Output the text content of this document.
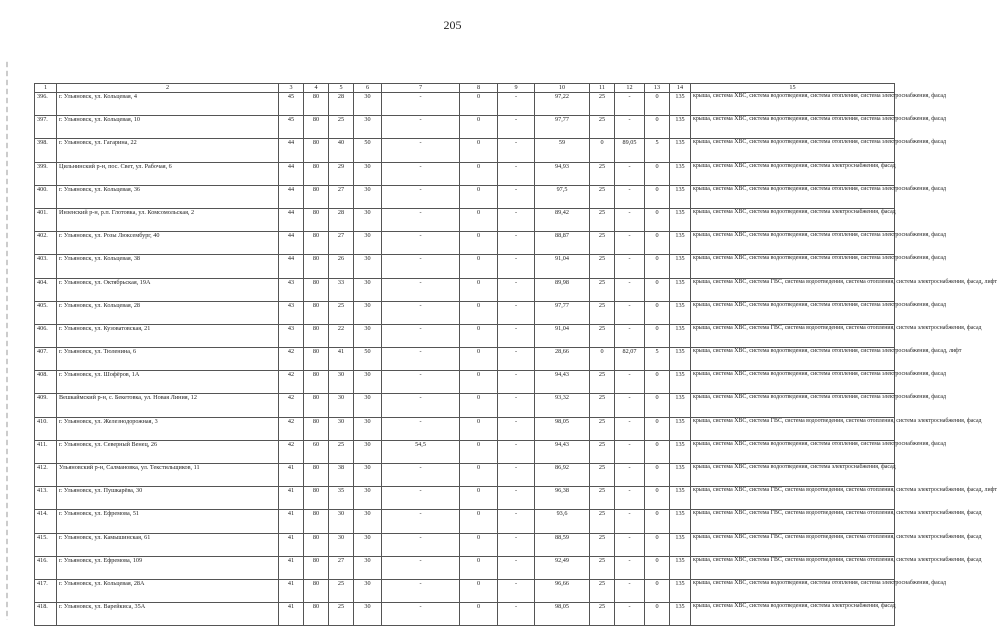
205
1	2	3	4	5	6	7	8	9	10	11	12	13	14	15
396.	г. Ульяновск, ул. Кольцевая, 4	45	80	28	30	-	0	-	97,22	25	-	0	135	крыша, система ХВС, система водоотведения, система отопления, система электроснабжения, фасад
397.	г. Ульяновск, ул. Кольцевая, 10	45	80	25	30	-	0	-	97,77	25	-	0	135	крыша, система ХВС, система водоотведения, система отопления, система электроснабжения, фасад
398.	г. Ульяновск, ул. Гагарина, 22	44	80	40	50	-	0	-	59	0	89,05	5	135	крыша, система ХВС, система водоотведения, система отопления, система электроснабжения, фасад
399.	Цильнинский р-н, пос. Свет, ул. Рабочая, 6	44	80	29	30	-	0	-	94,93	25	-	0	135	крыша, система ХВС, система водоотведения, система электроснабжения, фасад
400.	г. Ульяновск, ул. Кольцевая, 36	44	80	27	30	-	0	-	97,5	25	-	0	135	крыша, система ХВС, система водоотведения, система отопления, система электроснабжения, фасад
401.	Инзенский р-н, р.п. Глотовка, ул. Комсомольская, 2	44	80	28	30	-	0	-	89,42	25	-	0	135	крыша, система ХВС, система водоотведения, система электроснабжения, фасад
402.	г. Ульяновск, ул. Розы Люксембург, 40	44	80	27	30	-	0	-	88,87	25	-	0	135	крыша, система ХВС, система водоотведения, система отопления, система электроснабжения, фасад
403.	г. Ульяновск, ул. Кольцевая, 38	44	80	26	30	-	0	-	91,04	25	-	0	135	крыша, система ХВС, система водоотведения, система отопления, система электроснабжения, фасад
404.	г. Ульяновск, ул. Октябрьская, 19А	43	80	33	30	-	0	-	89,98	25	-	0	135	крыша, система ХВС, система ГВС, система водоотведения, система отопления, система электроснабжения, фасад, лифт
405.	г. Ульяновск, ул. Кольцевая, 28	43	80	25	30	-	0	-	97,77	25	-	0	135	крыша, система ХВС, система водоотведения, система отопления, система электроснабжения, фасад
406.	г. Ульяновск, ул. Кузоватовская, 21	43	80	22	30	-	0	-	91,04	25	-	0	135	крыша, система ХВС, система ГВС, система водоотведения, система отопления, система электроснабжения, фасад
407.	г. Ульяновск, ул. Тюленина, 6	42	80	41	50	-	0	-	28,66	0	82,07	5	135	крыша, система ХВС, система водоотведения, система отопления, система электроснабжения, фасад, лифт
408.	г. Ульяновск, ул. Шофёров, 1А	42	80	30	30	-	0	-	94,43	25	-	0	135	крыша, система ХВС, система водоотведения, система отопления, система электроснабжения, фасад
409.	Вешкаймский р-н, с. Бекетовка, ул. Новая Линия, 12	42	80	30	30	-	0	-	93,32	25	-	0	135	крыша, система ХВС, система водоотведения, система отопления, система электроснабжения, фасад
410.	г. Ульяновск, ул. Железнодорожная, 3	42	80	30	30	-	0	-	98,05	25	-	0	135	крыша, система ХВС, система ГВС, система водоотведения, система отопления, система электроснабжения, фасад
411.	г. Ульяновск, ул. Северный Венец, 26	42	60	25	30	54,5	0	-	94,43	25	-	0	135	крыша, система ХВС, система водоотведения, система отопления, система электроснабжения, фасад
412.	Ульяновский р-н, Салмановка, ул. Текстильщиков, 11	41	80	38	30	-	0	-	86,92	25	-	0	135	крыша, система ХВС, система водоотведения, система электроснабжения, фасад
413.	г. Ульяновск, ул. Пушкарёва, 30	41	80	35	30	-	0	-	96,38	25	-	0	135	крыша, система ХВС, система ГВС, система водоотведения, система отопления, система электроснабжения, фасад, лифт
414.	г. Ульяновск, ул. Ефремова, 51	41	80	30	30	-	0	-	93,6	25	-	0	135	крыша, система ХВС, система ГВС, система водоотведения, система отопления, система электроснабжения, фасад
415.	г. Ульяновск, ул. Камышинская, 61	41	80	30	30	-	0	-	88,59	25	-	0	135	крыша, система ХВС, система ГВС, система водоотведения, система отопления, система электроснабжения, фасад
416.	г. Ульяновск, ул. Ефремова, 109	41	80	27	30	-	0	-	92,49	25	-	0	135	крыша, система ХВС, система ГВС, система водоотведения, система отопления, система электроснабжения, фасад
417.	г. Ульяновск, ул. Кольцевая, 28А	41	80	25	30	-	0	-	96,66	25	-	0	135	крыша, система ХВС, система водоотведения, система отопления, система электроснабжения, фасад
418.	г. Ульяновск, ул. Варейкиса, 35А	41	80	25	30	-	0	-	98,05	25	-	0	135	крыша, система ХВС, система водоотведения, система электроснабжения, фасад
